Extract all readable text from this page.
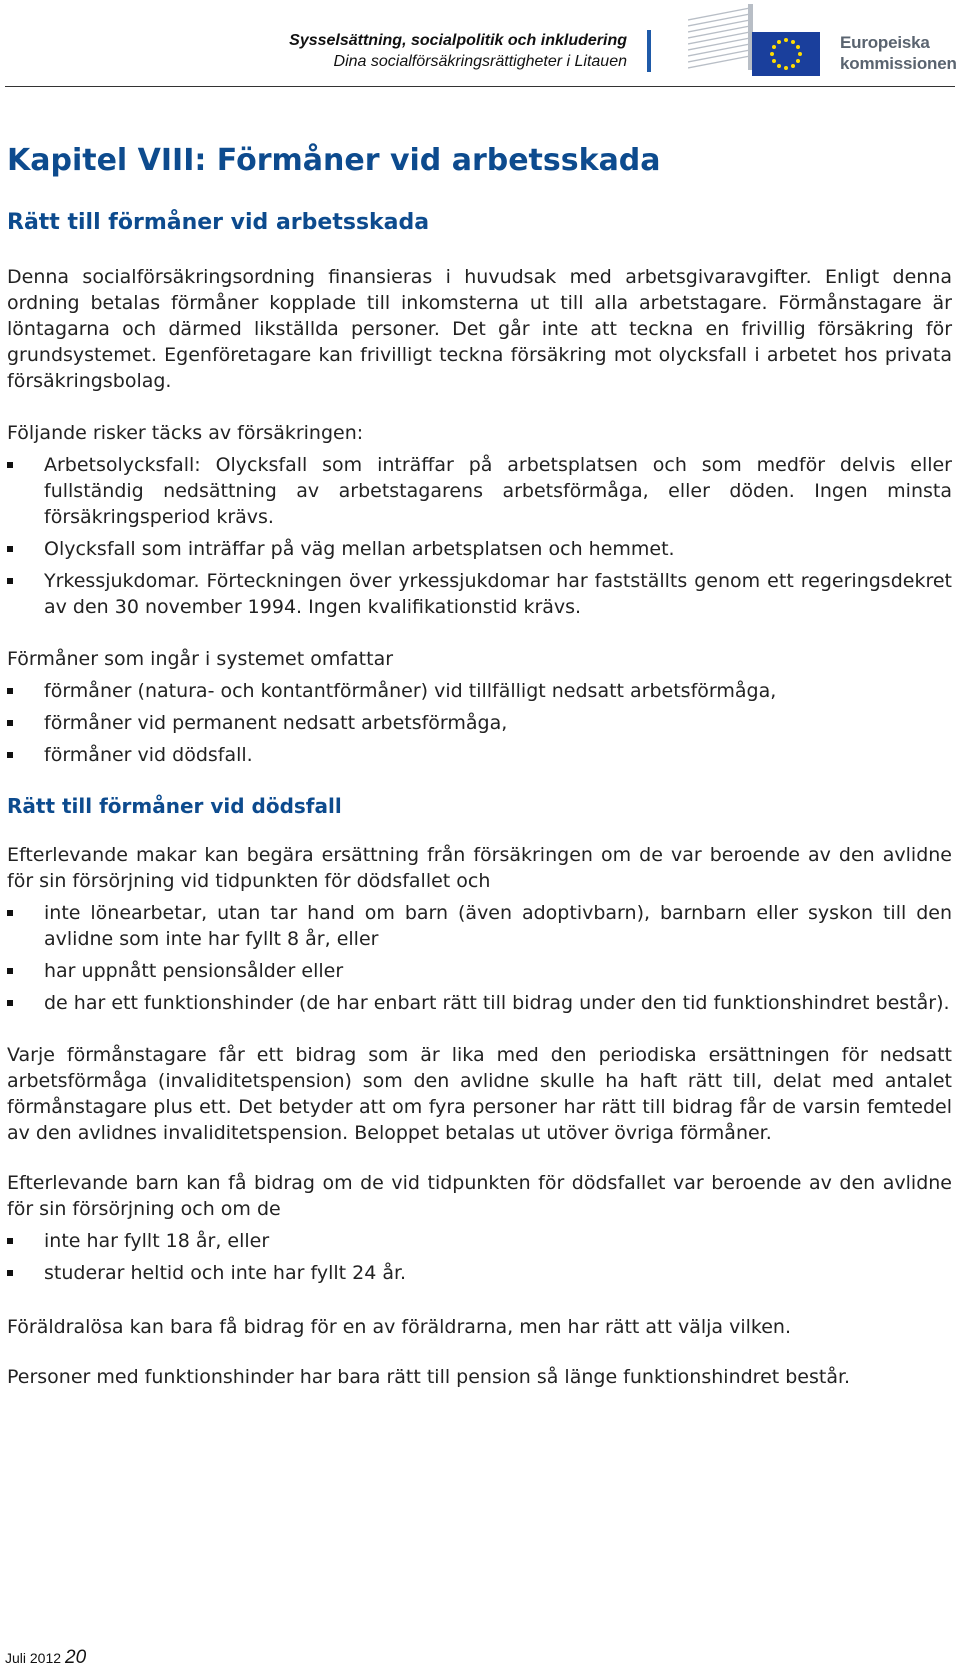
Sysselsättning, socialpolitik och inkludering
Dina socialförsäkringsrättigheter i Litauen
Europeiska
kommissionen
Kapitel VIII: Förmåner vid arbetsskada
Rätt till förmåner vid arbetsskada

Denna socialförsäkringsordning finansieras i huvudsak med arbetsgivaravgifter. Enligt denna ordning betalas förmåner kopplade till inkomsterna ut till alla arbetstagare. Förmånstagare är löntagarna och därmed likställda personer. Det går inte att teckna en frivillig försäkring för grundsystemet. Egenföretagare kan frivilligt teckna försäkring mot olycksfall i arbetet hos privata försäkringsbolag.

Följande risker täcks av försäkringen:

Arbetsolycksfall: Olycksfall som inträffar på arbetsplatsen och som medför delvis eller fullständig nedsättning av arbetstagarens arbetsförmåga, eller döden. Ingen minsta försäkringsperiod krävs.
Olycksfall som inträffar på väg mellan arbetsplatsen och hemmet.
Yrkessjukdomar. Förteckningen över yrkessjukdomar har fastställts genom ett regeringsdekret av den 30 november 1994. Ingen kvalifikationstid krävs.

Förmåner som ingår i systemet omfattar

förmåner (natura- och kontantförmåner) vid tillfälligt nedsatt arbetsförmåga,
förmåner vid permanent nedsatt arbetsförmåga,
förmåner vid dödsfall.
Rätt till förmåner vid dödsfall

Efterlevande makar kan begära ersättning från försäkringen om de var beroende av den avlidne för sin försörjning vid tidpunkten för dödsfallet och

inte lönearbetar, utan tar hand om barn (även adoptivbarn), barnbarn eller syskon till den avlidne som inte har fyllt 8 år, eller
har uppnått pensionsålder eller
de har ett funktionshinder (de har enbart rätt till bidrag under den tid funktionshindret består).

Varje förmånstagare får ett bidrag som är lika med den periodiska ersättningen för nedsatt arbetsförmåga (invaliditetspension) som den avlidne skulle ha haft rätt till, delat med antalet förmånstagare plus ett. Det betyder att om fyra personer har rätt till bidrag får de varsin femtedel av den avlidnes invaliditetspension. Beloppet betalas ut utöver övriga förmåner.

Efterlevande barn kan få bidrag om de vid tidpunkten för dödsfallet var beroende av den avlidne för sin försörjning och om de

inte har fyllt 18 år, eller
studerar heltid och inte har fyllt 24 år.

Föräldralösa kan bara få bidrag för en av föräldrarna, men har rätt att välja vilken.

Personer med funktionshinder har bara rätt till pension så länge funktionshindret består.

Juli 2012 20
